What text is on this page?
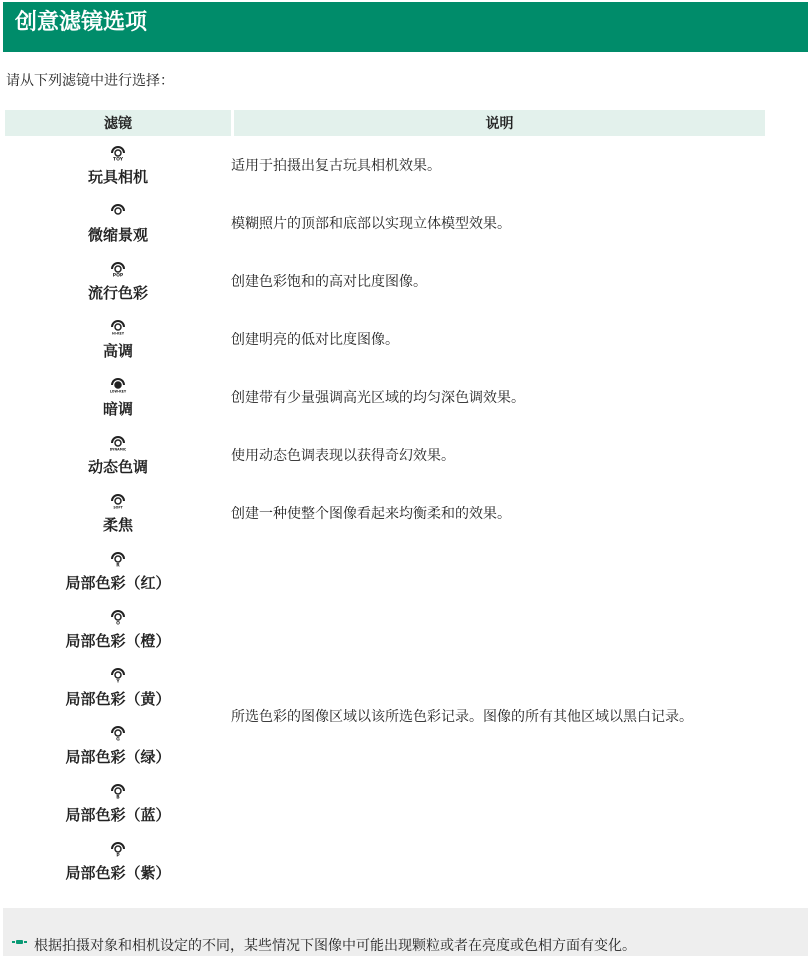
创意滤镜选项
请从下列滤镜中进行选择：
滤镜	说明

TOY
玩具相机	适用于拍摄出复古玩具相机效果。

微缩景观	模糊照片的顶部和底部以实现立体模型效果。

POP
流行色彩	创建色彩饱和的高对比度图像。

Hi-KEY
高调	创建明亮的低对比度图像。

LOW-KEY
暗调	创建带有少量强调高光区域的均匀深色调效果。

DYNAMIC
动态色调	使用动态色调表现以获得奇幻效果。

SOFT
柔焦	创建一种使整个图像看起来均衡柔和的效果。

R
局部色彩（红）	所选色彩的图像区域以该所选色彩记录。图像的所有其他区域以黑白记录。

O
局部色彩（橙）	

Y
局部色彩（黄）	

G
局部色彩（绿）	

B
局部色彩（蓝）	

P
局部色彩（紫）	
根据拍摄对象和相机设定的不同，某些情况下图像中可能出现颗粒或者在亮度或色相方面有变化。
